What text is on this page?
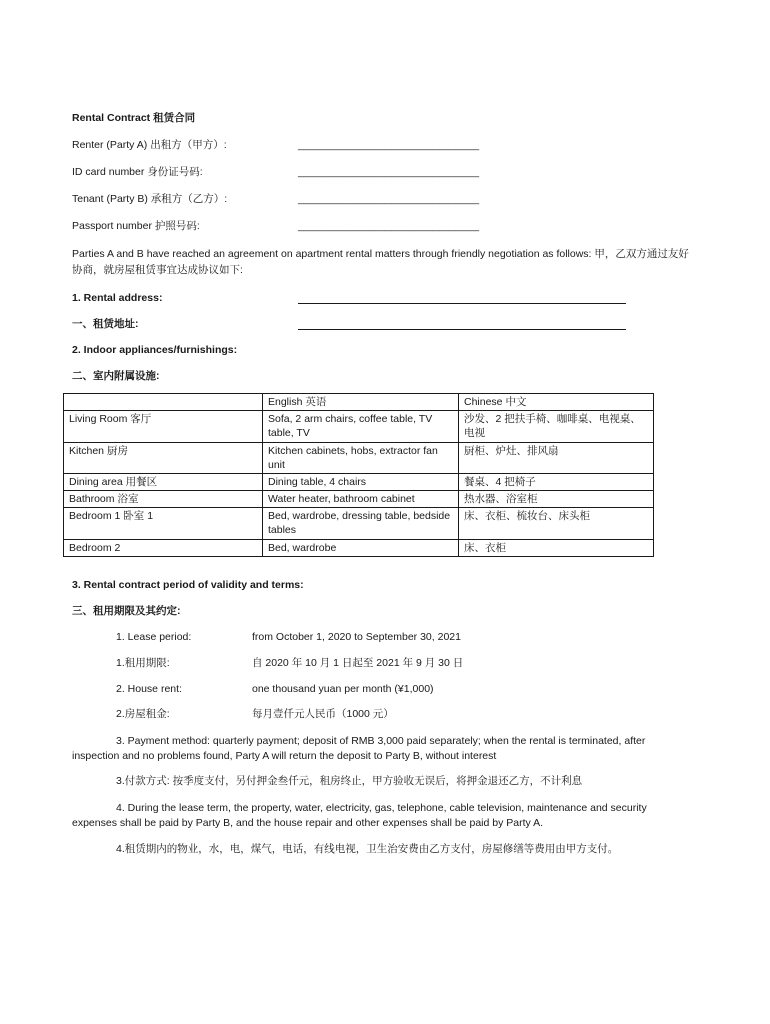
Rental Contract 租赁合同
Renter (Party A) 出租方（甲方）:	_______________________________
ID card number 身份证号码:	_______________________________
Tenant (Party B) 承租方（乙方）:	_______________________________
Passport number 护照号码:	_______________________________
Parties A and B have reached an agreement on apartment rental matters through friendly negotiation as follows: 甲，乙双方通过友好协商，就房屋租赁事宜达成协议如下:
1. Rental address:
一、租赁地址:
2. Indoor appliances/furnishings:
二、室内附属设施:
	English 英语	Chinese 中文
Living Room 客厅	Sofa, 2 arm chairs, coffee table, TV table, TV	沙发、2 把扶手椅、咖啡桌、电视桌、电视
Kitchen 厨房	Kitchen cabinets, hobs, extractor fan unit	厨柜、炉灶、排风扇
Dining area 用餐区	Dining table, 4 chairs	餐桌、4 把椅子
Bathroom 浴室	Water heater, bathroom cabinet	热水器、浴室柜
Bedroom 1 卧室 1	Bed, wardrobe, dressing table, bedside tables	床、衣柜、梳妆台、床头柜
Bedroom 2	Bed, wardrobe	床、衣柜
3. Rental contract period of validity and terms:
三、租用期限及其约定:
1. Lease period:	from October 1, 2020 to September 30, 2021
1.租用期限:	自 2020 年 10 月 1 日起至 2021 年 9 月 30 日
2. House rent:	one thousand yuan per month (¥1,000)
2.房屋租金:	每月壹仟元人民币（1000 元）
3. Payment method: quarterly payment; deposit of RMB 3,000 paid separately; when the rental is terminated, after inspection and no problems found, Party A will return the deposit to Party B, without interest
3.付款方式: 按季度支付，另付押金叁仟元，租房终止，甲方验收无误后，将押金退还乙方，不计利息
4. During the lease term, the property, water, electricity, gas, telephone, cable television, maintenance and security expenses shall be paid by Party B, and the house repair and other expenses shall be paid by Party A.
4.租赁期内的物业，水，电，煤气，电话，有线电视，卫生治安费由乙方支付，房屋修缮等费用由甲方支付。
